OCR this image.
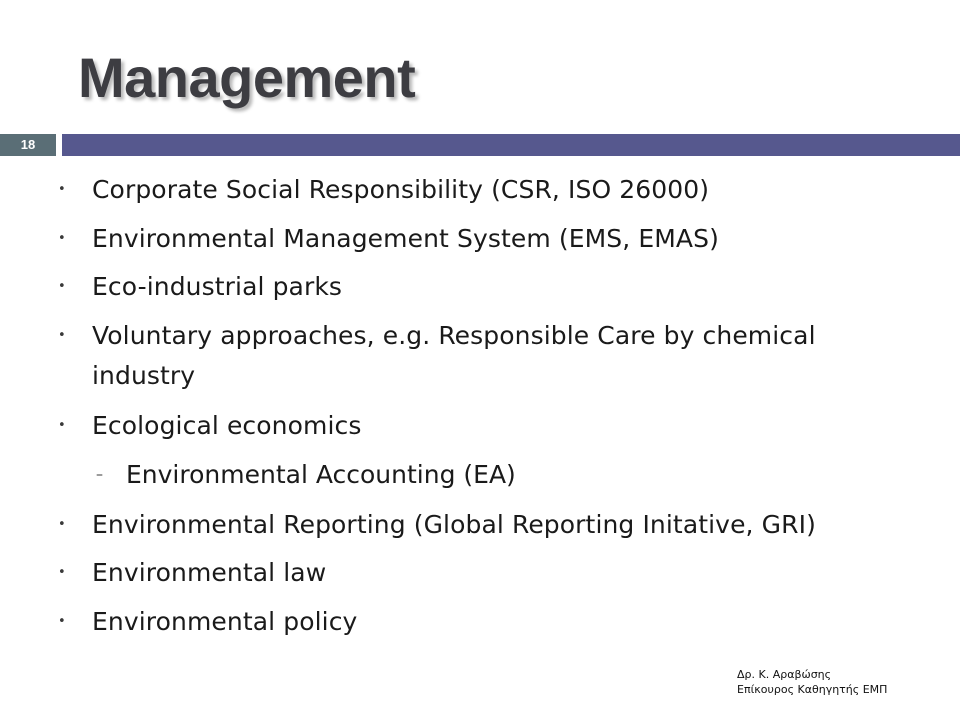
Management
18
• Corporate Social Responsibility (CSR, ISO 26000)
• Environmental Management System (EMS, EMAS)
• Eco-industrial parks
• Voluntary approaches, e.g. Responsible Care by chemical industry
• Ecological economics
– Environmental Accounting (EA)
• Environmental Reporting (Global Reporting Initative, GRI)
• Environmental law
• Environmental policy
Δρ. Κ. Αραβώσης
Επίκουρος Καθηγητής ΕΜΠ
